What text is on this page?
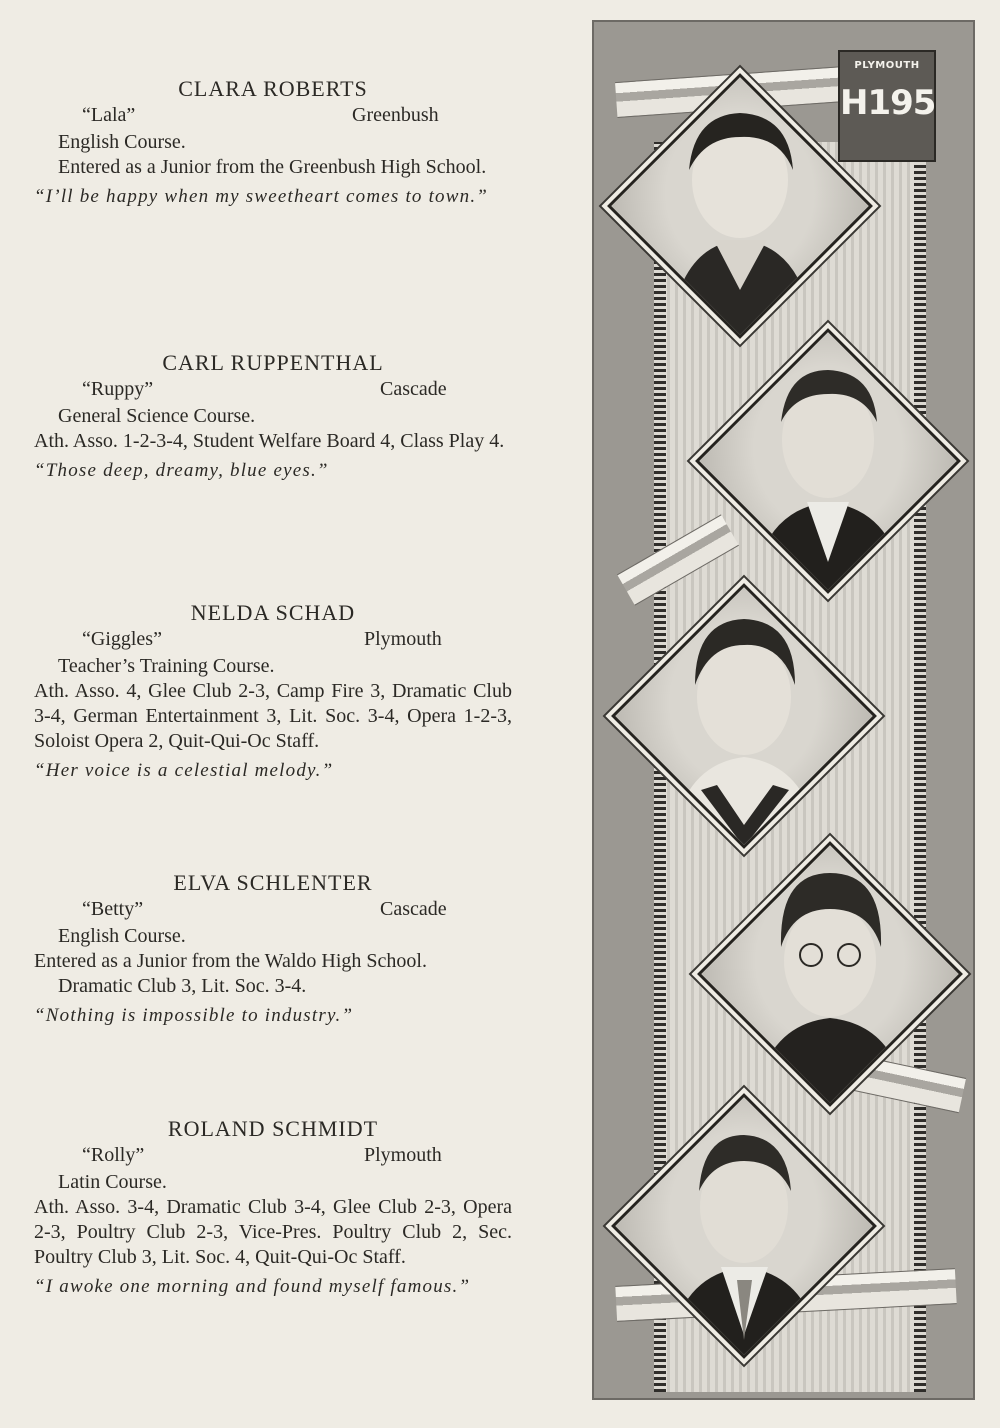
CLARA ROBERTS
“Lala”	Greenbush
English Course.
Entered as a Junior from the Greenbush High School.
“I’ll be happy when my sweetheart comes to town.”
CARL RUPPENTHAL
“Ruppy”	Cascade
General Science Course.
Ath. Asso. 1-2-3-4, Student Welfare Board 4, Class Play 4.
“Those deep, dreamy, blue eyes.”
NELDA SCHAD
“Giggles”	Plymouth
Teacher’s Training Course.
Ath. Asso. 4, Glee Club 2-3, Camp Fire 3, Dramatic Club 3-4, German Entertainment 3, Lit. Soc. 3-4, Opera 1-2-3, Soloist Opera 2, Quit-Qui-Oc Staff.
“Her voice is a celestial melody.”
ELVA SCHLENTER
“Betty”	Cascade
English Course.
Entered as a Junior from the Waldo High School.
Dramatic Club 3, Lit. Soc. 3-4.
“Nothing is impossible to industry.”
ROLAND SCHMIDT
“Rolly”	Plymouth
Latin Course.
Ath. Asso. 3-4, Dramatic Club 3-4, Glee Club 2-3, Opera 2-3, Poultry Club 2-3, Vice-Pres. Poultry Club 2, Sec. Poultry Club 3, Lit. Soc. 4, Quit-Qui-Oc Staff.
“I awoke one morning and found myself famous.”
PLYMOUTH
H195
